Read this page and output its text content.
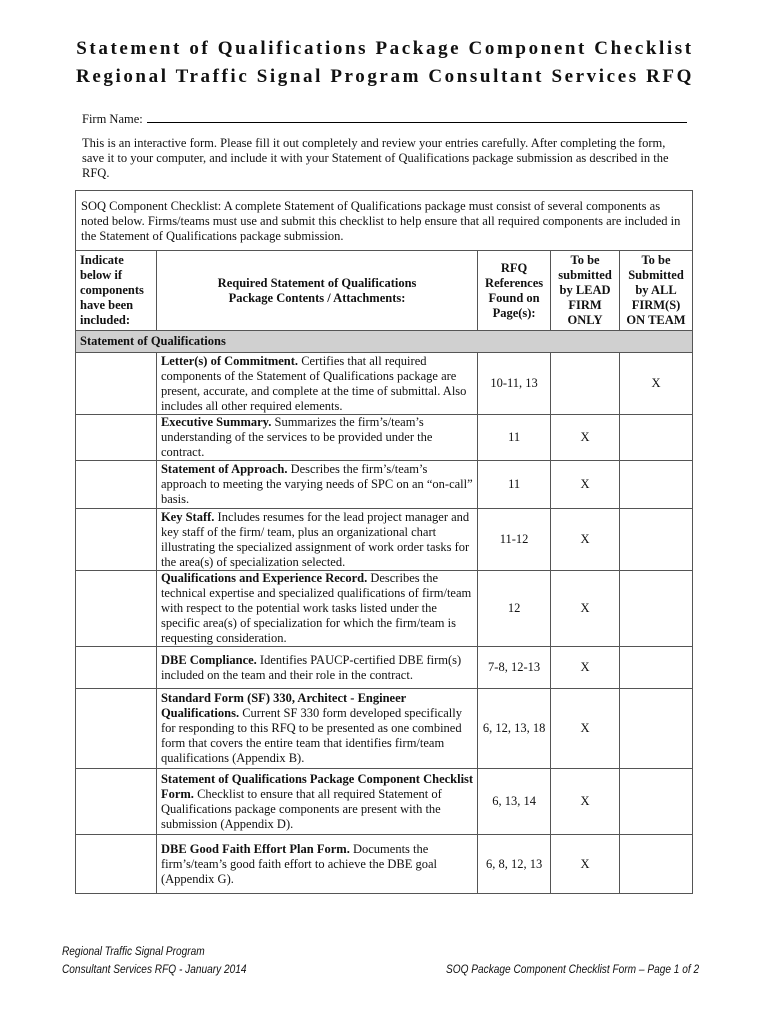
Statement of Qualifications Package Component Checklist
Regional Traffic Signal Program Consultant Services RFQ
Firm Name:
This is an interactive form. Please fill it out completely and review your entries carefully. After completing the form, save it to your computer, and include it with your Statement of Qualifications package submission as described in the RFQ.
SOQ Component Checklist: A complete Statement of Qualifications package must consist of several components as noted below. Firms/teams must use and submit this checklist to help ensure that all required components are included in the Statement of Qualifications package submission.				
Indicate below if components have been included:	Required Statement of Qualifications Package Contents / Attachments:	RFQ References Found on Page(s):	To be submitted by LEAD FIRM ONLY	To be Submitted by ALL FIRM(S) ON TEAM
Statement of Qualifications				
	Letter(s) of Commitment. Certifies that all required components of the Statement of Qualifications package are present, accurate, and complete at the time of submittal. Also includes all other required elements.	10-11, 13		X
	Executive Summary. Summarizes the firm’s/team’s understanding of the services to be provided under the contract.	11	X	
	Statement of Approach. Describes the firm’s/team’s approach to meeting the varying needs of SPC on an “on-call” basis.	11	X	
	Key Staff. Includes resumes for the lead project manager and key staff of the firm/ team, plus an organizational chart illustrating the specialized assignment of work order tasks for the area(s) of specialization selected.	11-12	X	
	Qualifications and Experience Record. Describes the technical expertise and specialized qualifications of firm/team with respect to the potential work tasks listed under the specific area(s) of specialization for which the firm/team is requesting consideration.	12	X	
	DBE Compliance. Identifies PAUCP-certified DBE firm(s) included on the team and their role in the contract.	7-8, 12-13	X	
	Standard Form (SF) 330, Architect - Engineer Qualifications. Current SF 330 form developed specifically for responding to this RFQ to be presented as one combined form that covers the entire team that identifies firm/team qualifications (Appendix B).	6, 12, 13, 18	X	
	Statement of Qualifications Package Component Checklist Form. Checklist to ensure that all required Statement of Qualifications package components are present with the submission (Appendix D).	6, 13, 14	X	
	DBE Good Faith Effort Plan Form. Documents the firm’s/team’s good faith effort to achieve the DBE goal (Appendix G).	6, 8, 12, 13	X	
Regional Traffic Signal Program
Consultant Services RFQ - January 2014	SOQ Package Component Checklist Form – Page 1 of 2
